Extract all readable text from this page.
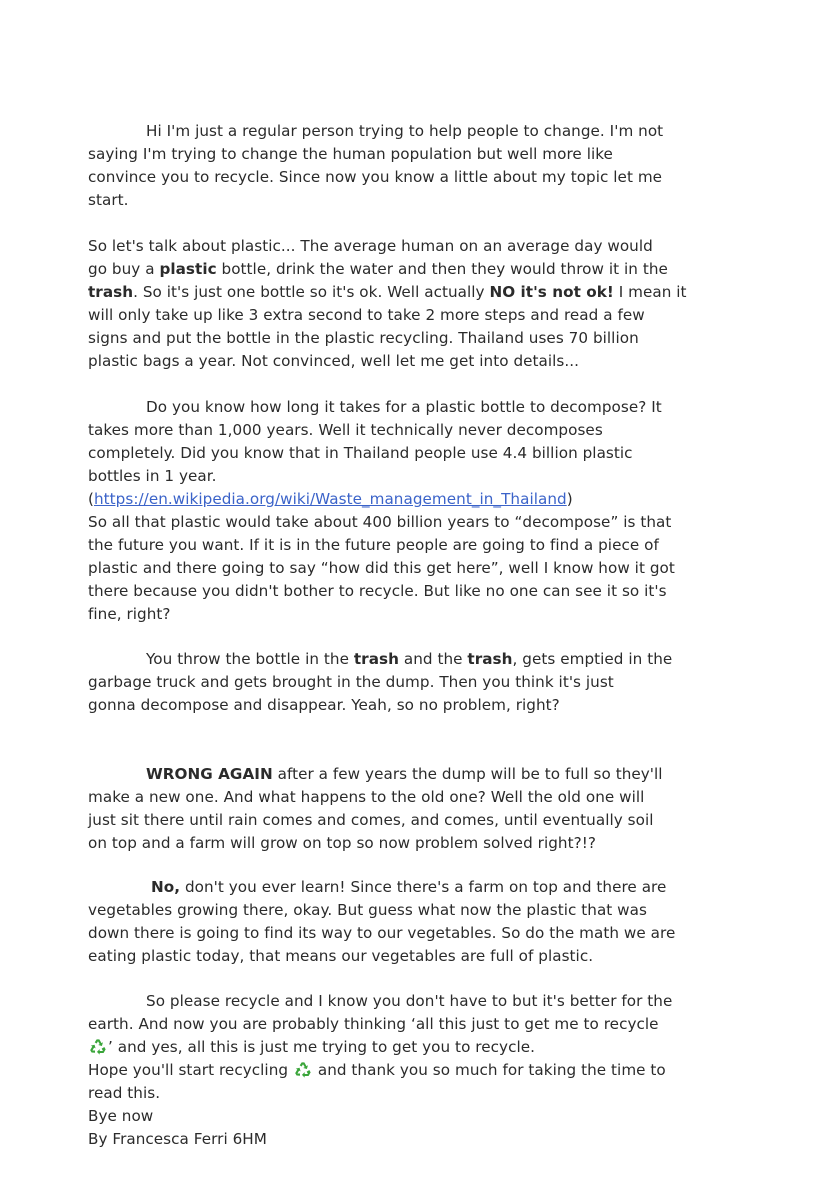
Hi I'm just a regular person trying to help people to change. I'm not
saying I'm trying to change the human population but well more like
convince you to recycle. Since now you know a little about my topic let me
start.
So let's talk about plastic... The average human on an average day would
go buy a plastic bottle, drink the water and then they would throw it in the
trash. So it's just one bottle so it's ok. Well actually NO it's not ok! I mean it
will only take up like 3 extra second to take 2 more steps and read a few
signs and put the bottle in the plastic recycling. Thailand uses 70 billion
plastic bags a year. Not convinced, well let me get into details...
Do you know how long it takes for a plastic bottle to decompose? It
takes more than 1,000 years. Well it technically never decomposes
completely. Did you know that in Thailand people use 4.4 billion plastic
bottles in 1 year.
(https://en.wikipedia.org/wiki/Waste_management_in_Thailand)
So all that plastic would take about 400 billion years to “decompose” is that
the future you want. If it is in the future people are going to find a piece of
plastic and there going to say “how did this get here”, well I know how it got
there because you didn't bother to recycle. But like no one can see it so it's
fine, right?
You throw the bottle in the trash and the trash, gets emptied in the
garbage truck and gets brought in the dump. Then you think it's just
gonna decompose and disappear. Yeah, so no problem, right?
WRONG AGAIN after a few years the dump will be to full so they'll
make a new one. And what happens to the old one? Well the old one will
just sit there until rain comes and comes, and comes, until eventually soil
on top and a farm will grow on top so now problem solved right?!?
No, don't you ever learn! Since there's a farm on top and there are
vegetables growing there, okay. But guess what now the plastic that was
down there is going to find its way to our vegetables. So do the math we are
eating plastic today, that means our vegetables are full of plastic.
So please recycle and I know you don't have to but it's better for the
earth. And now you are probably thinking ‘all this just to get me to recycle
’ and yes, all this is just me trying to get you to recycle.
Hope you'll start recycling  and thank you so much for taking the time to
read this.
Bye now
By Francesca Ferri 6HM
